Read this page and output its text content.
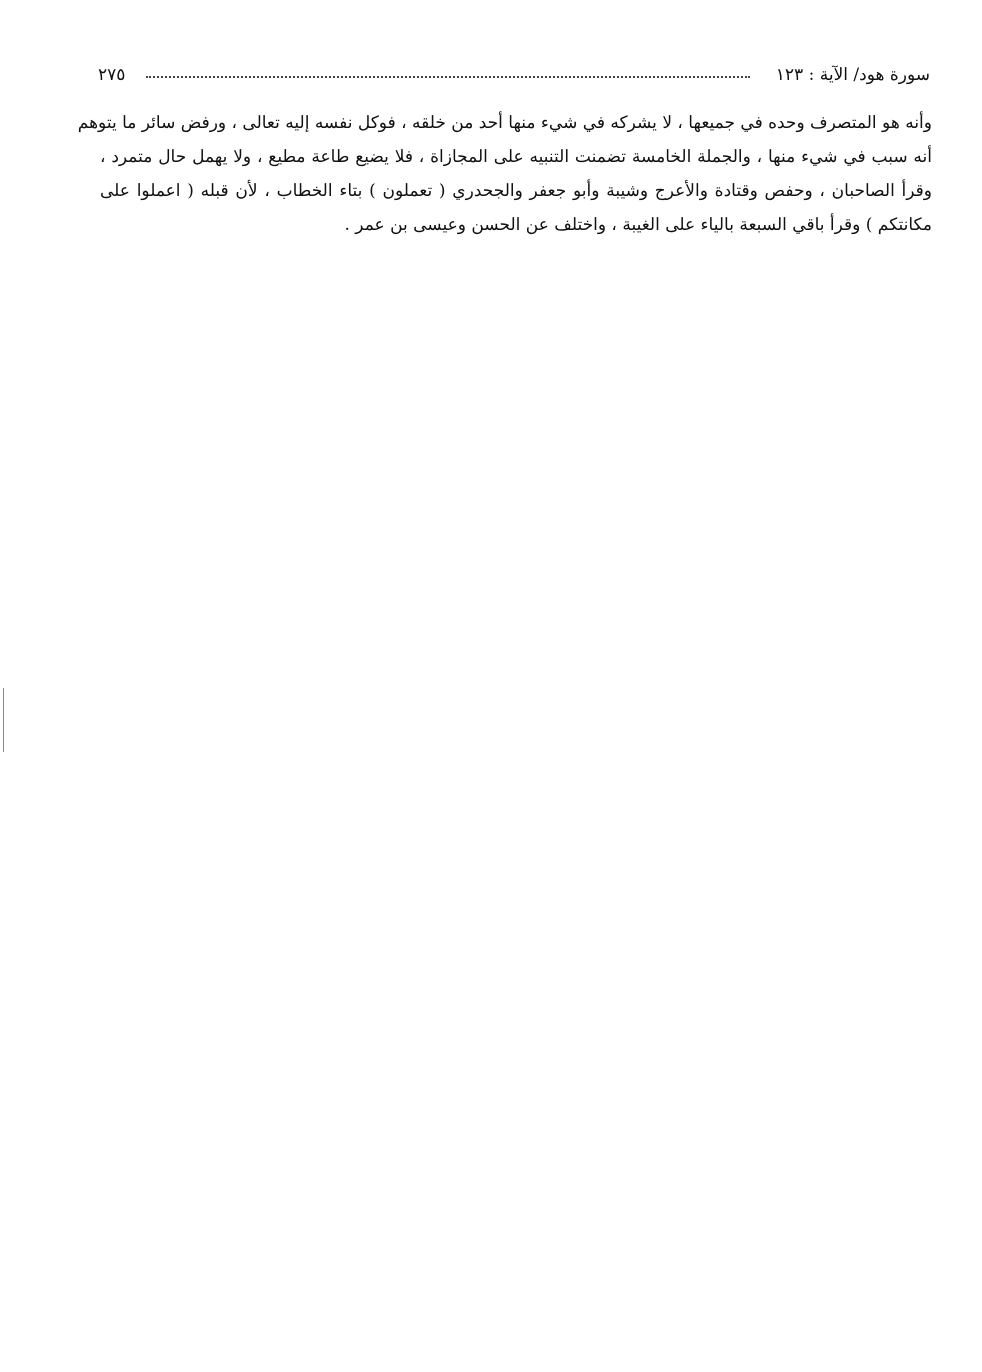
٢٧٥	سورة هود/ الآية : ١٢٣
وأنه هو المتصرف وحده في جميعها ، لا يشركه في شيء منها أحد من خلقه ، فوكل نفسه إليه تعالى ، ورفض سائر ما يتوهم
أنه سبب في شيء منها ، والجملة الخامسة تضمنت التنبيه على المجازاة ، فلا يضيع طاعة مطيع ، ولا يهمل حال متمرد ،
وقرأ الصاحبان ، وحفص وقتادة والأعرج وشيبة وأبو جعفر والجحدري ( تعملون ) بتاء الخطاب ، لأن قبله ( اعملوا على
مكانتكم ) وقرأ باقي السبعة بالياء على الغيبة ، واختلف عن الحسن وعيسى بن عمر .
